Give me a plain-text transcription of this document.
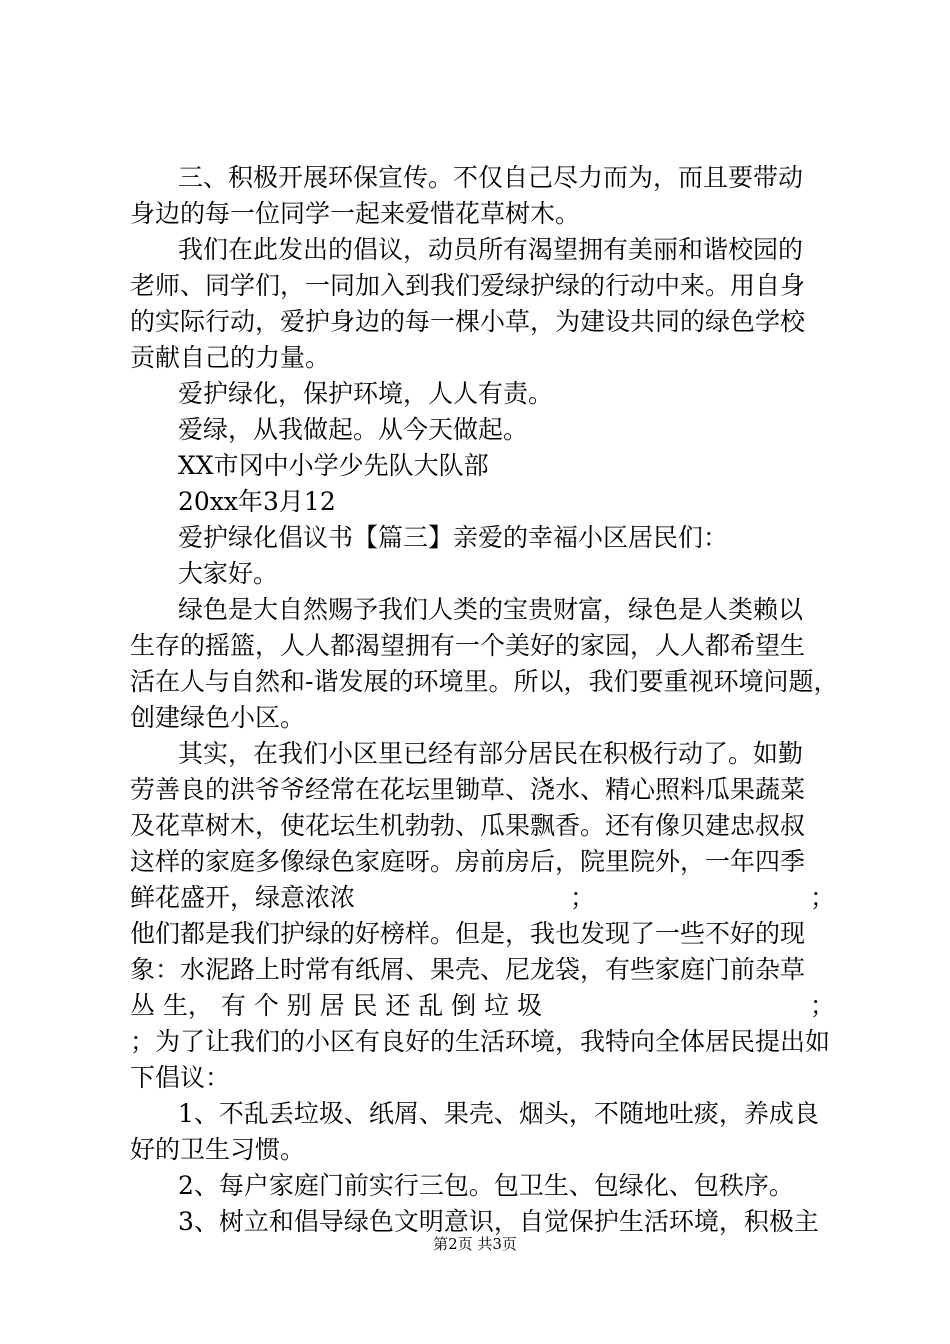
三、积极开展环保宣传。不仅自己尽力而为，而且要带动
身边的每一位同学一起来爱惜花草树木。
我们在此发出的倡议，动员所有渴望拥有美丽和谐校园的
老师、同学们，一同加入到我们爱绿护绿的行动中来。用自身
的实际行动，爱护身边的每一棵小草，为建设共同的绿色学校
贡献自己的力量。
爱护绿化，保护环境，人人有责。
爱绿，从我做起。从今天做起。
XX市冈中小学少先队大队部
20xx年3月12
爱护绿化倡议书【篇三】亲爱的幸福小区居民们：
大家好。
绿色是大自然赐予我们人类的宝贵财富，绿色是人类赖以
生存的摇篮，人人都渴望拥有一个美好的家园，人人都希望生
活在人与自然和-谐发展的环境里。所以，我们要重视环境问题，
创建绿色小区。
其实，在我们小区里已经有部分居民在积极行动了。如勤
劳善良的洪爷爷经常在花坛里锄草、浇水、精心照料瓜果蔬菜
及花草树木，使花坛生机勃勃、瓜果飘香。还有像贝建忠叔叔
这样的家庭多像绿色家庭呀。房前房后，院里院外，一年四季
鲜花盛开，绿意浓浓	；	；
他们都是我们护绿的好榜样。但是，我也发现了一些不好的现
象：水泥路上时常有纸屑、果壳、尼龙袋，有些家庭门前杂草
丛 生， 有 个 别 居 民 还 乱 倒 垃 圾	；
；为了让我们的小区有良好的生活环境，我特向全体居民提出如
下倡议：
1、不乱丢垃圾、纸屑、果壳、烟头，不随地吐痰，养成良
好的卫生习惯。
2、每户家庭门前实行三包。包卫生、包绿化、包秩序。
3、树立和倡导绿色文明意识，自觉保护生活环境，积极主
第2页 共3页
